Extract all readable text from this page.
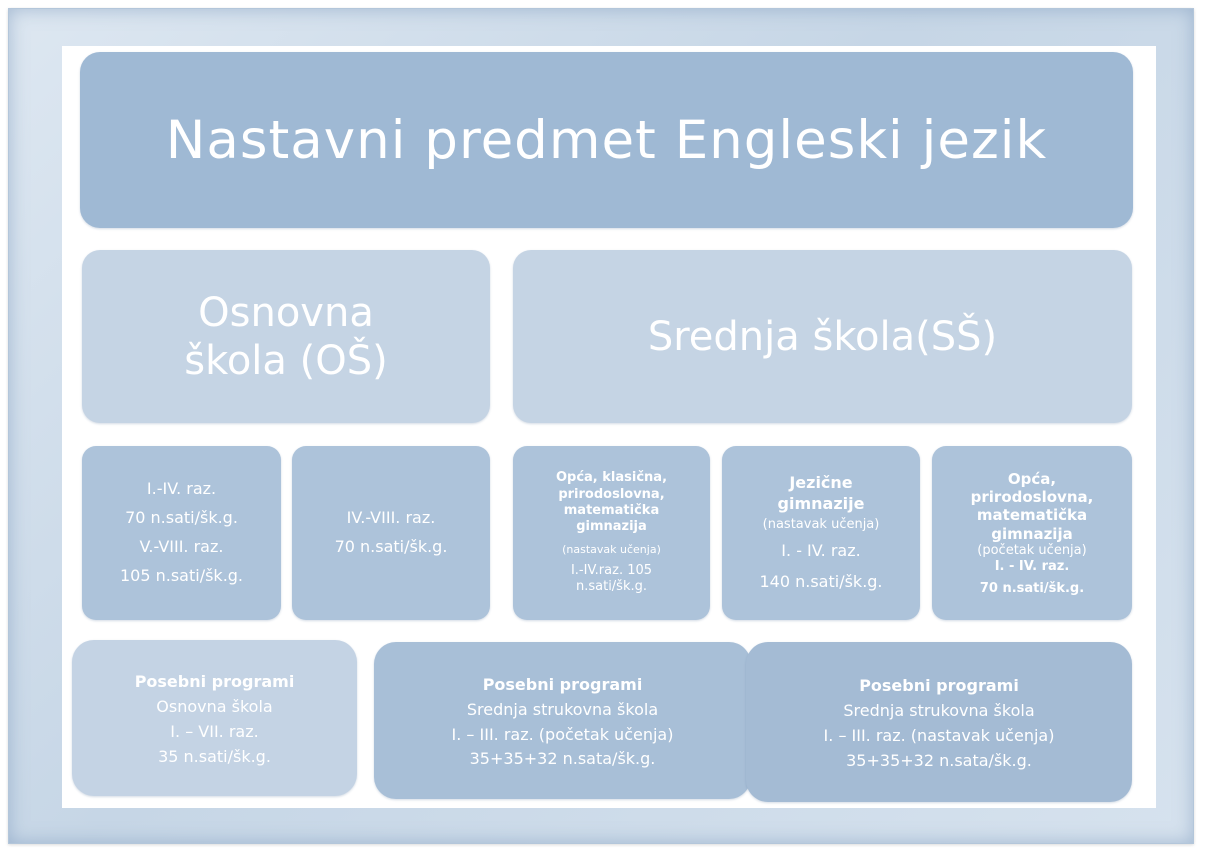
Nastavni predmet Engleski jezik
Osnovna
škola (OŠ)
Srednja škola(SŠ)
I.-IV. raz.
70 n.sati/šk.g.
V.-VIII. raz.
105 n.sati/šk.g.
IV.-VIII. raz.
70 n.sati/šk.g.
Opća, klasična,
prirodoslovna,
matematička
gimnazija
(nastavak učenja)
I.-IV.raz. 105
n.sati/šk.g.
Jezične
gimnazije
(nastavak učenja)
I. - IV. raz.
140 n.sati/šk.g.
Opća,
prirodoslovna,
matematička
gimnazija
(početak učenja)
I. - IV. raz.
70 n.sati/šk.g.
Posebni programi
Osnovna škola
I. – VII. raz.
35 n.sati/šk.g.
Posebni programi
Srednja strukovna škola
I. – III. raz. (početak učenja)
35+35+32 n.sata/šk.g.
Posebni programi
Srednja strukovna škola
I. – III. raz. (nastavak učenja)
35+35+32 n.sata/šk.g.
